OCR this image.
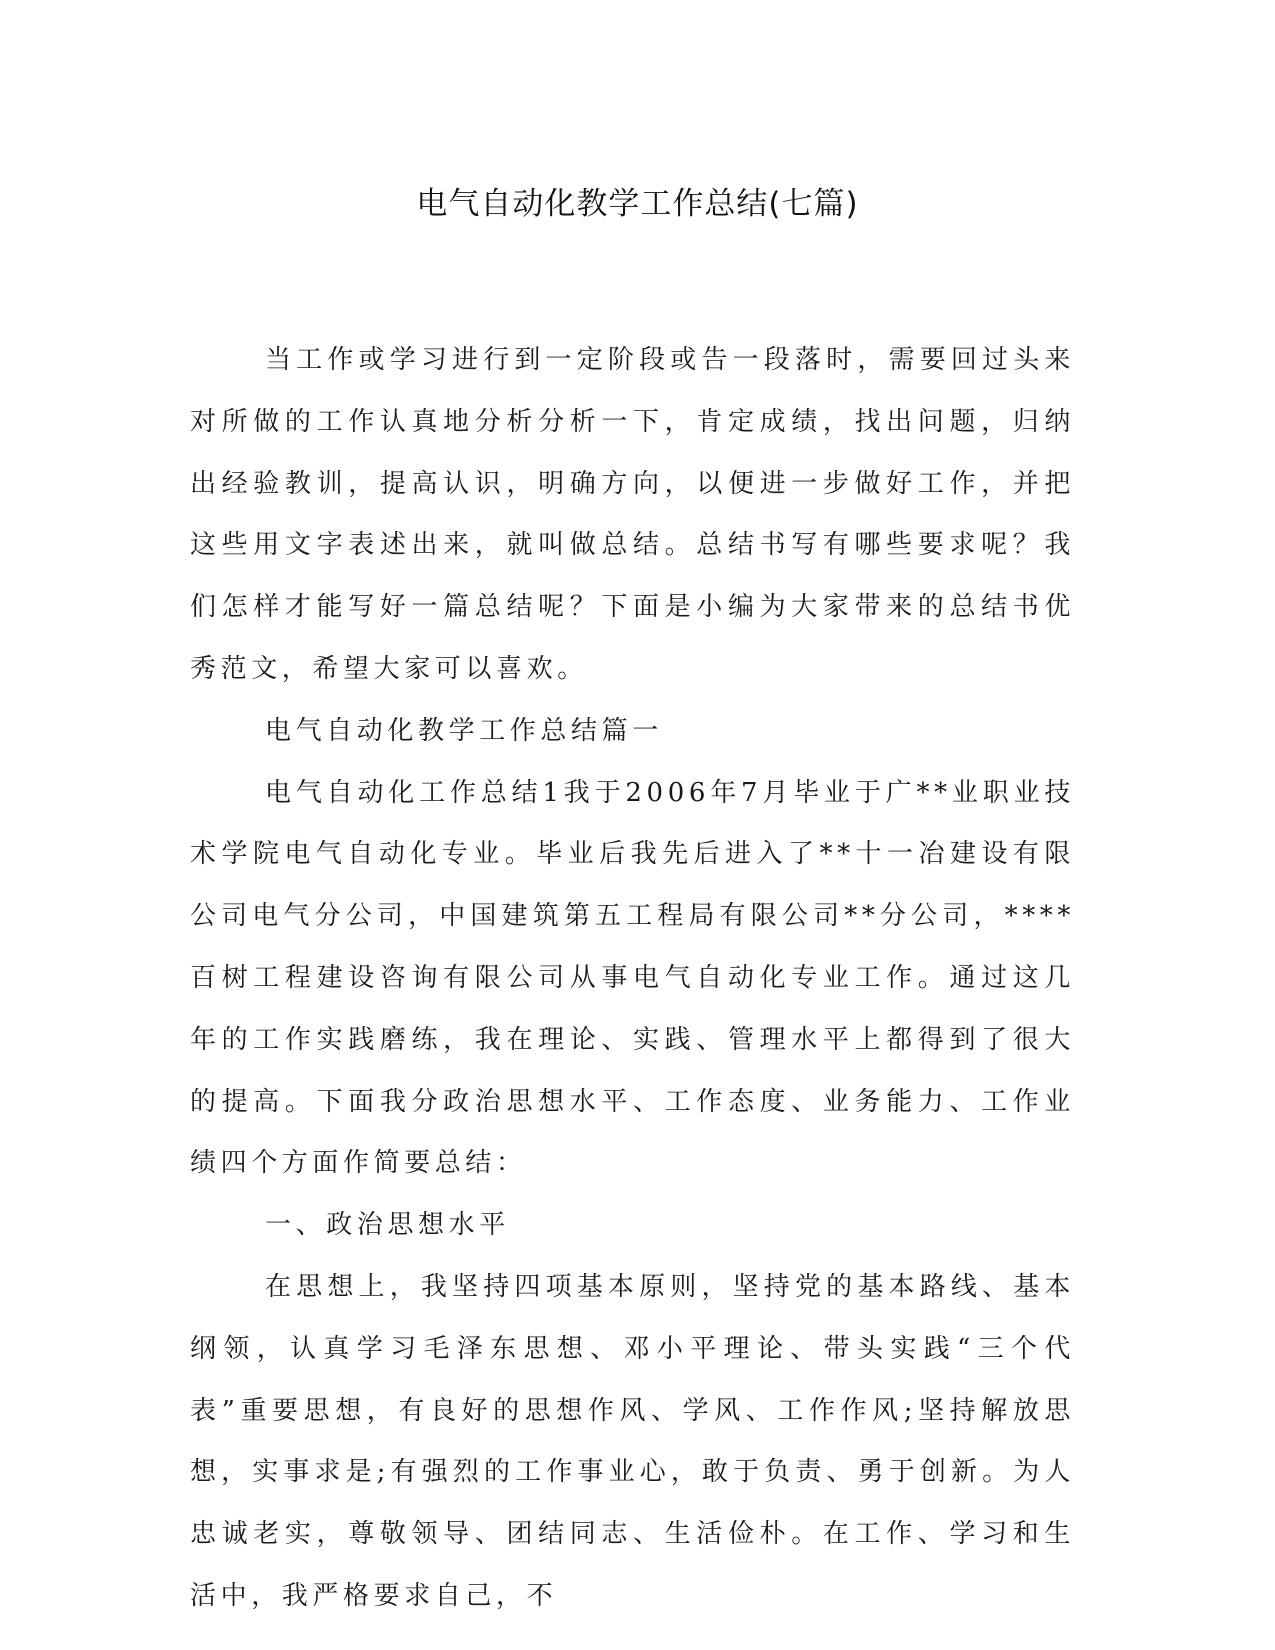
电气自动化教学工作总结(七篇)

当工作或学习进行到一定阶段或告一段落时，需要回过头来对所做的工作认真地分析分析一下，肯定成绩，找出问题，归纳出经验教训，提高认识，明确方向，以便进一步做好工作，并把这些用文字表述出来，就叫做总结。总结书写有哪些要求呢？我们怎样才能写好一篇总结呢？下面是小编为大家带来的总结书优秀范文，希望大家可以喜欢。

电气自动化教学工作总结篇一

电气自动化工作总结1我于2006年7月毕业于广**业职业技术学院电气自动化专业。毕业后我先后进入了**十一冶建设有限公司电气分公司，中国建筑第五工程局有限公司**分公司，****百树工程建设咨询有限公司从事电气自动化专业工作。通过这几年的工作实践磨练，我在理论、实践、管理水平上都得到了很大的提高。下面我分政治思想水平、工作态度、业务能力、工作业绩四个方面作简要总结：

一、政治思想水平

在思想上，我坚持四项基本原则，坚持党的基本路线、基本纲领，认真学习毛泽东思想、邓小平理论、带头实践“三个代表”重要思想，有良好的思想作风、学风、工作作风;坚持解放思想，实事求是;有强烈的工作事业心，敢于负责、勇于创新。为人忠诚老实，尊敬领导、团结同志、生活俭朴。在工作、学习和生活中，我严格要求自己，不
